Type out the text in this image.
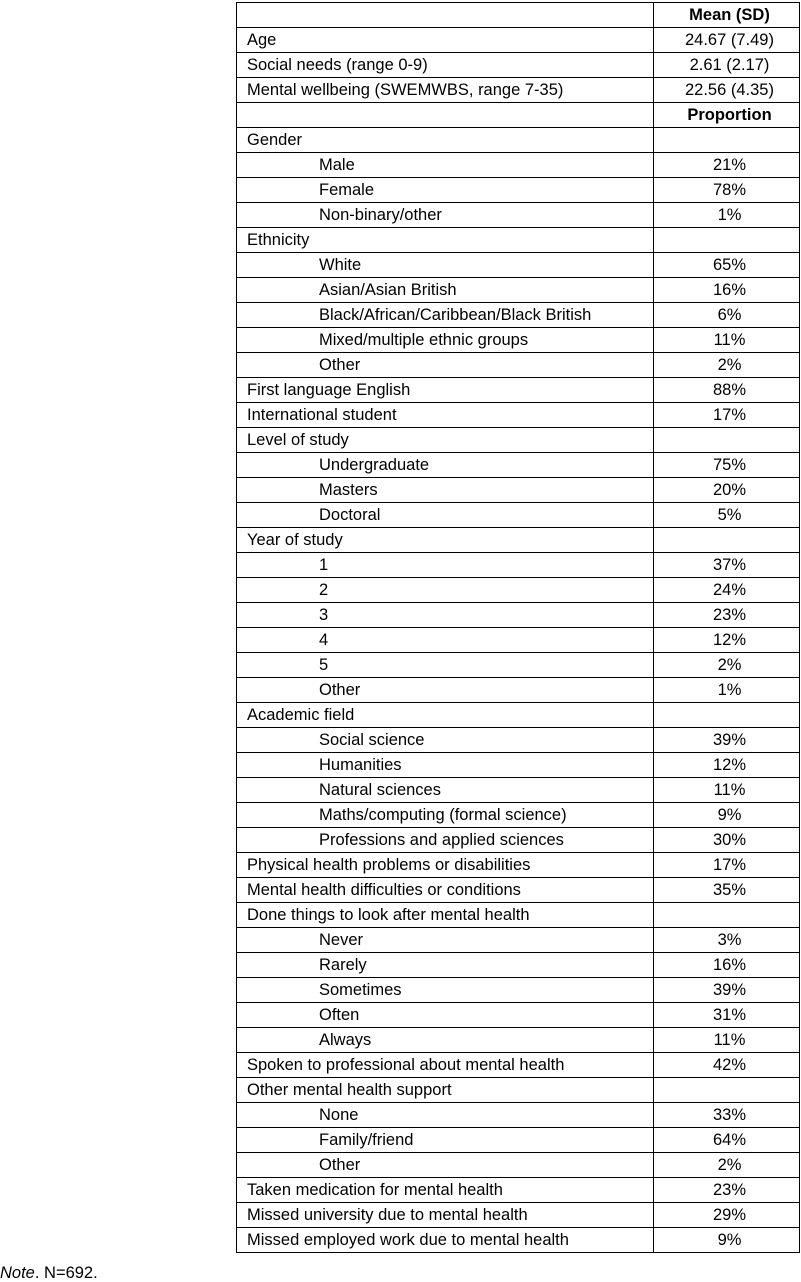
	Mean (SD)
Age	24.67 (7.49)
Social needs (range 0-9)	2.61 (2.17)
Mental wellbeing (SWEMWBS, range 7-35)	22.56 (4.35)
	Proportion
Gender	
Male	21%
Female	78%
Non-binary/other	1%
Ethnicity	
White	65%
Asian/Asian British	16%
Black/African/Caribbean/Black British	6%
Mixed/multiple ethnic groups	11%
Other	2%
First language English	88%
International student	17%
Level of study	
Undergraduate	75%
Masters	20%
Doctoral	5%
Year of study	
1	37%
2	24%
3	23%
4	12%
5	2%
Other	1%
Academic field	
Social science	39%
Humanities	12%
Natural sciences	11%
Maths/computing (formal science)	9%
Professions and applied sciences	30%
Physical health problems or disabilities	17%
Mental health difficulties or conditions	35%
Done things to look after mental health	
Never	3%
Rarely	16%
Sometimes	39%
Often	31%
Always	11%
Spoken to professional about mental health	42%
Other mental health support	
None	33%
Family/friend	64%
Other	2%
Taken medication for mental health	23%
Missed university due to mental health	29%
Missed employed work due to mental health	9%
Note. N=692.
